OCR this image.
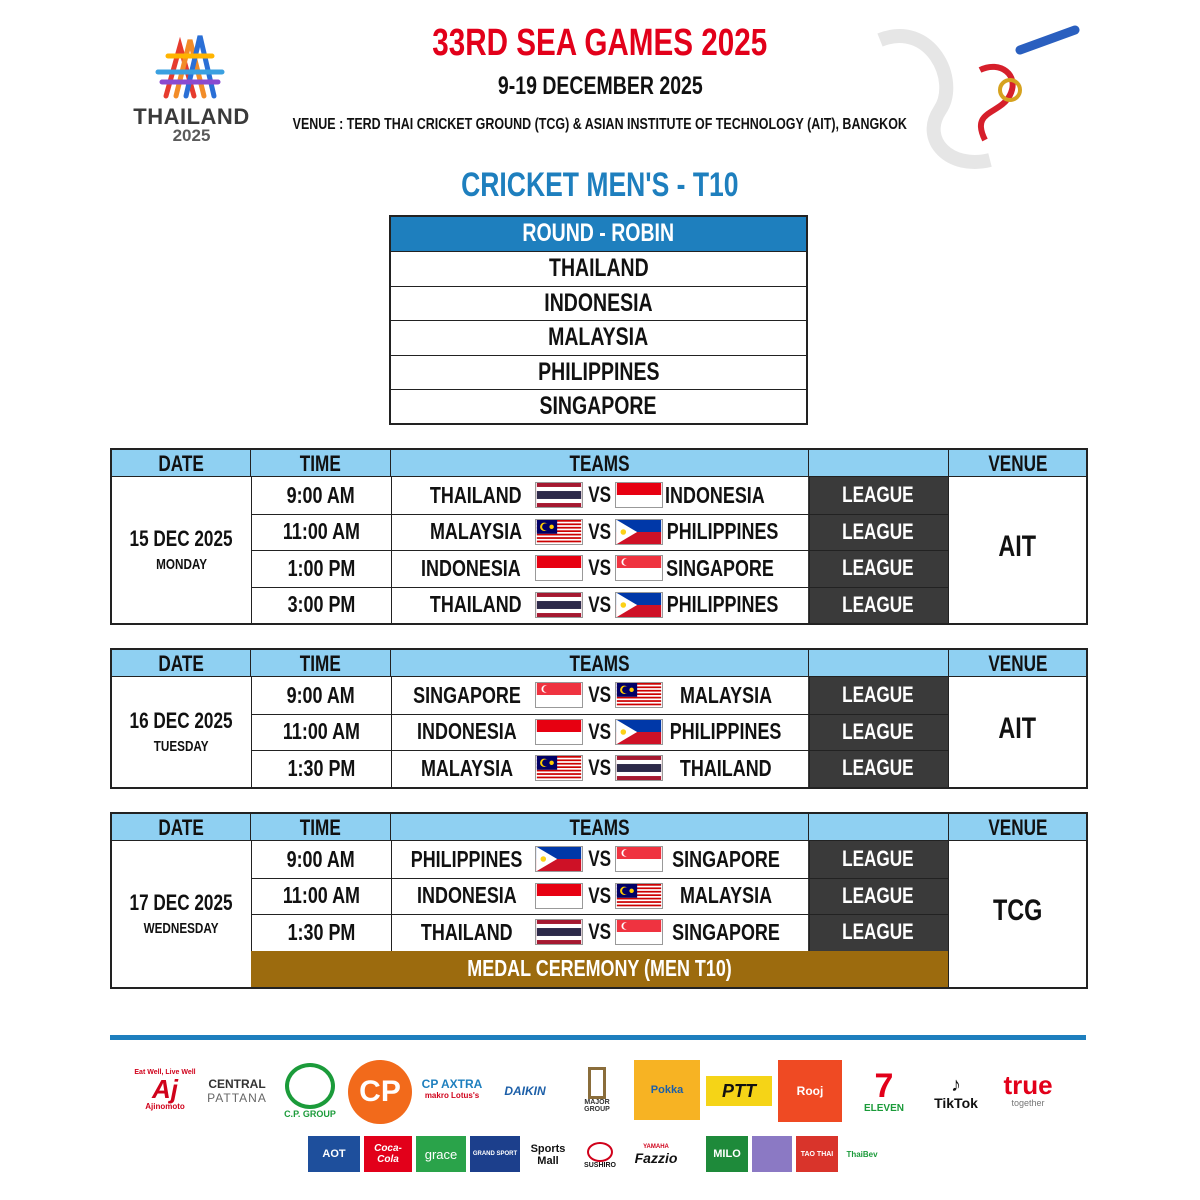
THAILAND
2025
33RD SEA GAMES 2025
9-19 DECEMBER 2025
VENUE : TERD THAI CRICKET GROUND (TCG) & ASIAN INSTITUTE OF TECHNOLOGY (AIT), BANGKOK
CRICKET MEN'S - T10
ROUND - ROBIN
THAILAND
INDONESIA
MALAYSIA
PHILIPPINES
SINGAPORE
DATE	TIME	TEAMS	VENUE
15 DEC 2025
MONDAY
AIT
9:00 AM	THAILAND	VS INDONESIA	LEAGUE
11:00 AM	MALAYSIA	VS PHILIPPINES	LEAGUE
1:00 PM	INDONESIA	VS SINGAPORE	LEAGUE
3:00 PM	THAILAND	VS PHILIPPINES	LEAGUE
DATE	TIME	TEAMS	VENUE
16 DEC 2025
TUESDAY
AIT
9:00 AM	SINGAPORE	VS	MALAYSIA	LEAGUE
11:00 AM	INDONESIA	VS	PHILIPPINES	LEAGUE
1:30 PM	MALAYSIA	VS	THAILAND	LEAGUE
DATE	TIME	TEAMS	VENUE
17 DEC 2025
WEDNESDAY
TCG
9:00 AM PHILIPPINES	VS	SINGAPORE	LEAGUE
11:00 AM	INDONESIA	VS	MALAYSIA	LEAGUE
1:30 PM	THAILAND	VS	SINGAPORE	LEAGUE
MEDAL CEREMONY (MEN T10)
Eat Well, Live Well
Aj
Ajinomoto
CENTRAL
PATTANA
C.P. GROUP
CP CP AXTRA
makro Lotus's DAIKIN
MAJOR GROUP
Pokka PTT	Rooj 7
ELEVEN
♪
TikTok
true
together
AOT	Coca-Cola	grace	GRAND SPORT	Sports Mall	SUSHIRO
YAMAHA
Fazzio	MILO	TAO THAI ThaiBev
